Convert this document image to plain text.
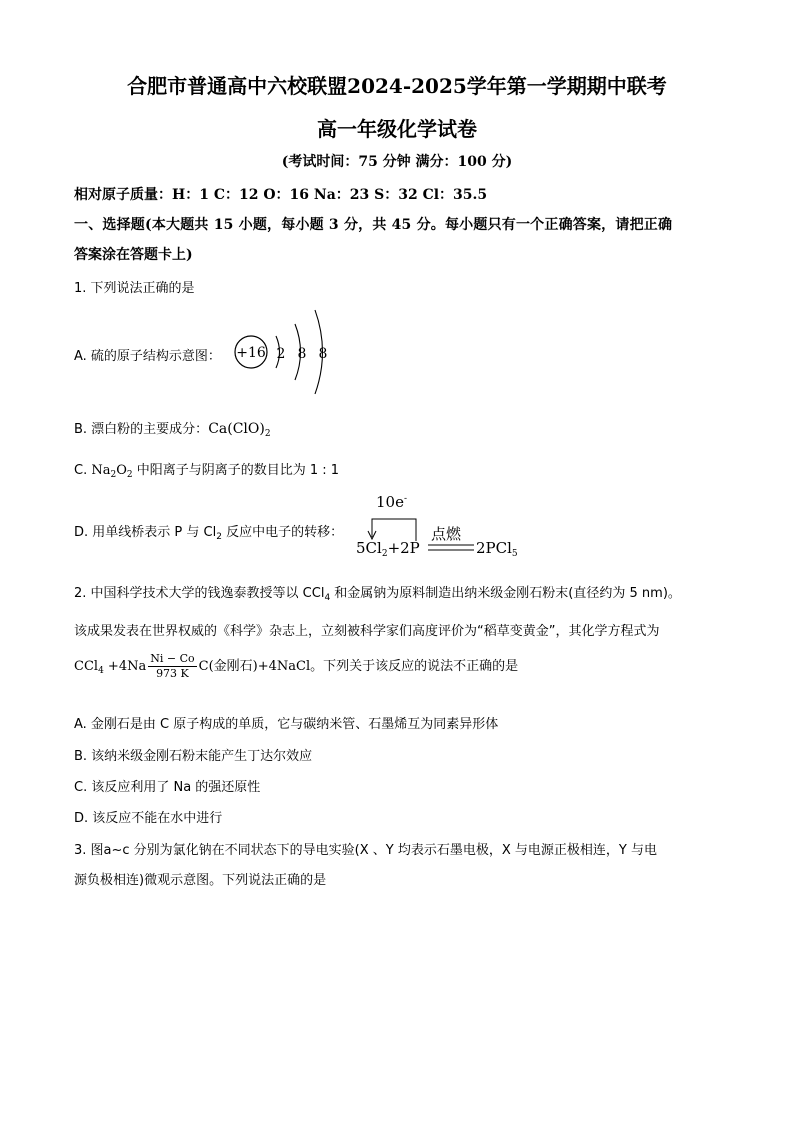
合肥市普通高中六校联盟2024-2025学年第一学期期中联考
高一年级化学试卷
(考试时间：75 分钟 满分：100 分)
相对原子质量：H：1 C：12 O：16 Na：23 S：32 Cl：35.5
一、选择题(本大题共 15 小题，每小题 3 分，共 45 分。每小题只有一个正确答案，请把正确
答案涂在答题卡上)
1. 下列说法正确的是
A. 硫的原子结构示意图： +16 2 8 8
B. 漂白粉的主要成分：$Ca(ClO)_2$
C. $Na_2O_2$ 中阳离子与阴离子的数目比为 1 : 1
D. 用单线桥表示 P 与 $Cl_2$ 反应中电子的转移：
10e-
点燃
$5Cl_2+2P$	2PCl$_5$
2. 中国科学技术大学的钱逸泰教授等以 CCl$_4$ 和金属钠为原料制造出纳米级金刚石粉末(直径约为 5 nm)。
该成果发表在世界权威的《科学》杂志上，立刻被科学家们高度评价为“稻草变黄金”，其化学方程式为
$CCl_4 +4Na \frac{Ni - Co}{973 K} C$(金刚石)+4NaCl。下列关于该反应的说法不正确的是
A. 金刚石是由 C 原子构成的单质，它与碳纳米管、石墨烯互为同素异形体
B. 该纳米级金刚石粉末能产生丁达尔效应
C. 该反应利用了 Na 的强还原性
D. 该反应不能在水中进行
3. 图a~c 分别为氯化钠在不同状态下的导电实验(X 、Y 均表示石墨电极，X 与电源正极相连，Y 与电
源负极相连)微观示意图。下列说法正确的是
